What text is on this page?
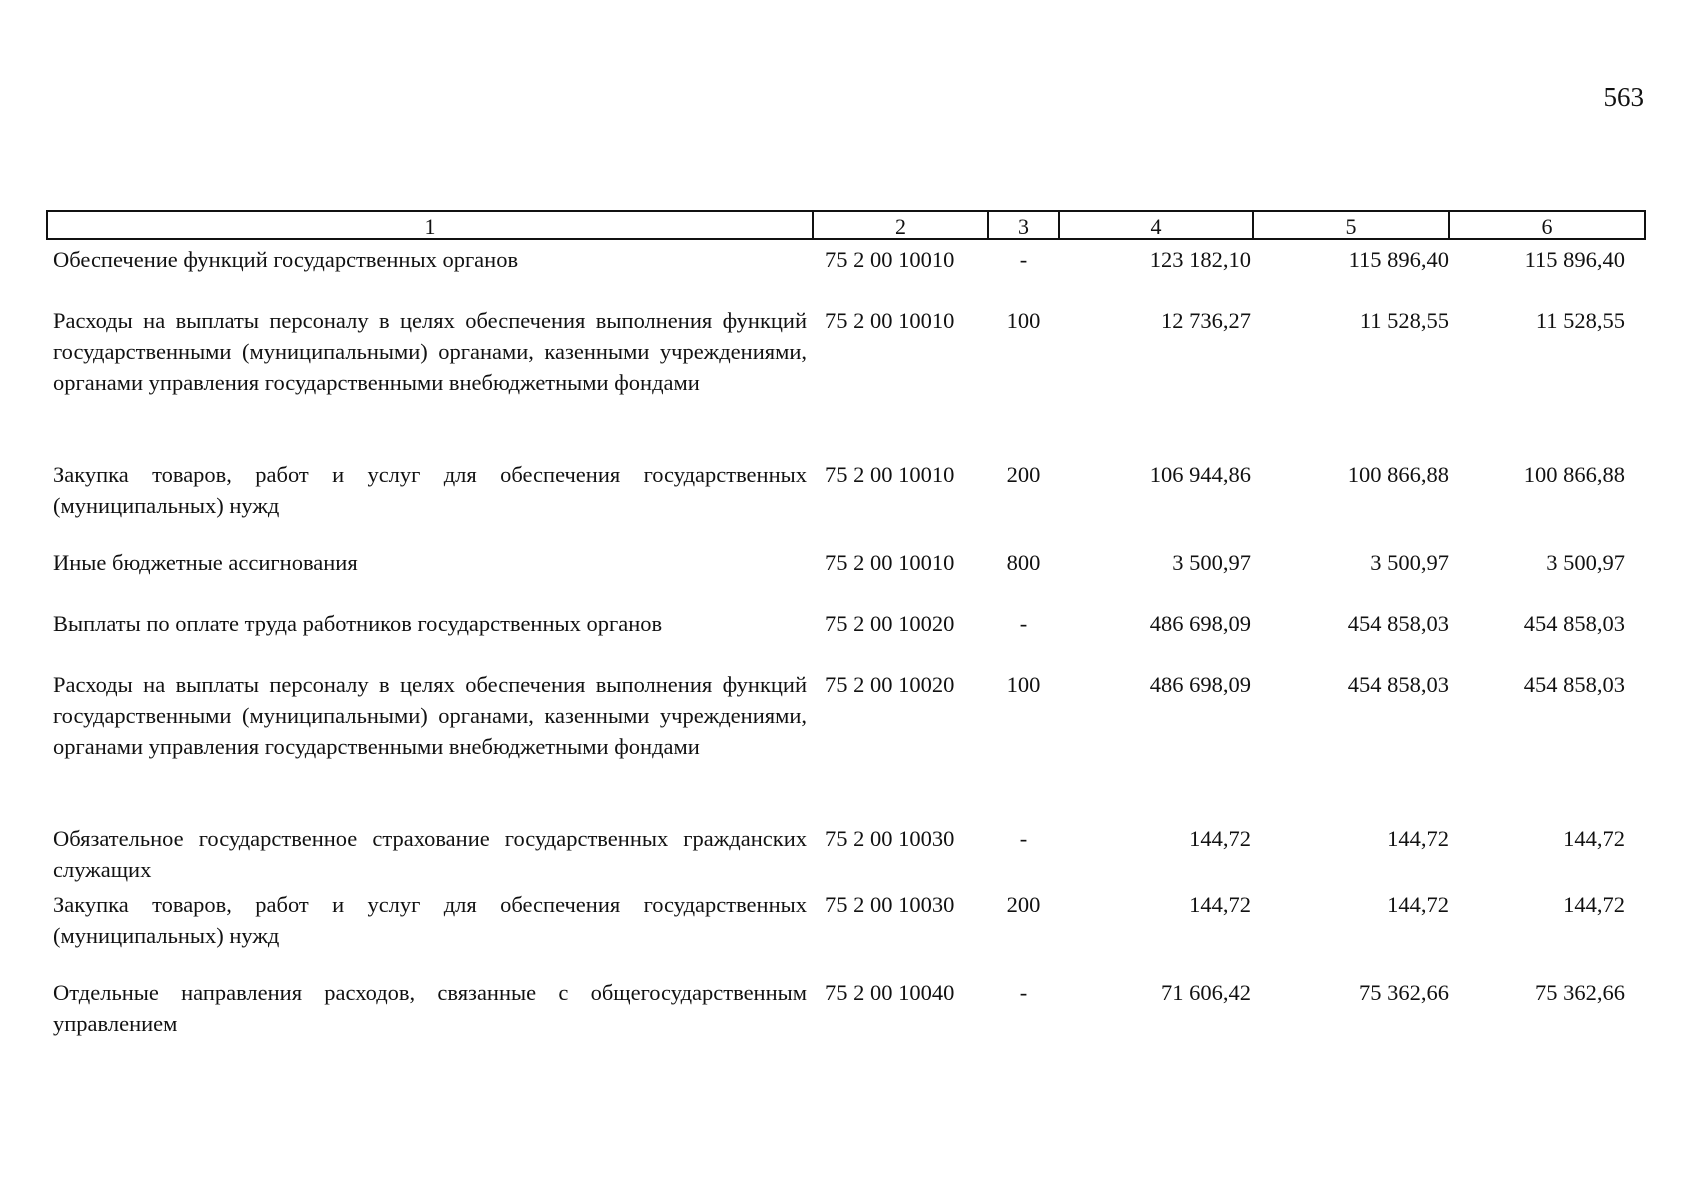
563
1	2	3	4	5	6
Обеспечение функций государственных органов	75 2 00 10010	-	123 182,10	115 896,40	115 896,40
Расходы на выплаты персоналу в целях обеспечения выполнения функций государственными (муниципальными) органами, казенными учреждениями, органами управления государственными внебюджетными фондами	75 2 00 10010	100	12 736,27	11 528,55	11 528,55
Закупка товаров, работ и услуг для обеспечения государственных (муниципальных) нужд	75 2 00 10010	200	106 944,86	100 866,88	100 866,88
Иные бюджетные ассигнования	75 2 00 10010	800	3 500,97	3 500,97	3 500,97
Выплаты по оплате труда работников государственных органов	75 2 00 10020	-	486 698,09	454 858,03	454 858,03
Расходы на выплаты персоналу в целях обеспечения выполнения функций государственными (муниципальными) органами, казенными учреждениями, органами управления государственными внебюджетными фондами	75 2 00 10020	100	486 698,09	454 858,03	454 858,03
Обязательное государственное страхование государственных гражданских служащих	75 2 00 10030	-	144,72	144,72	144,72
Закупка товаров, работ и услуг для обеспечения государственных (муниципальных) нужд	75 2 00 10030	200	144,72	144,72	144,72
Отдельные направления расходов, связанные с общегосударственным управлением	75 2 00 10040	-	71 606,42	75 362,66	75 362,66
